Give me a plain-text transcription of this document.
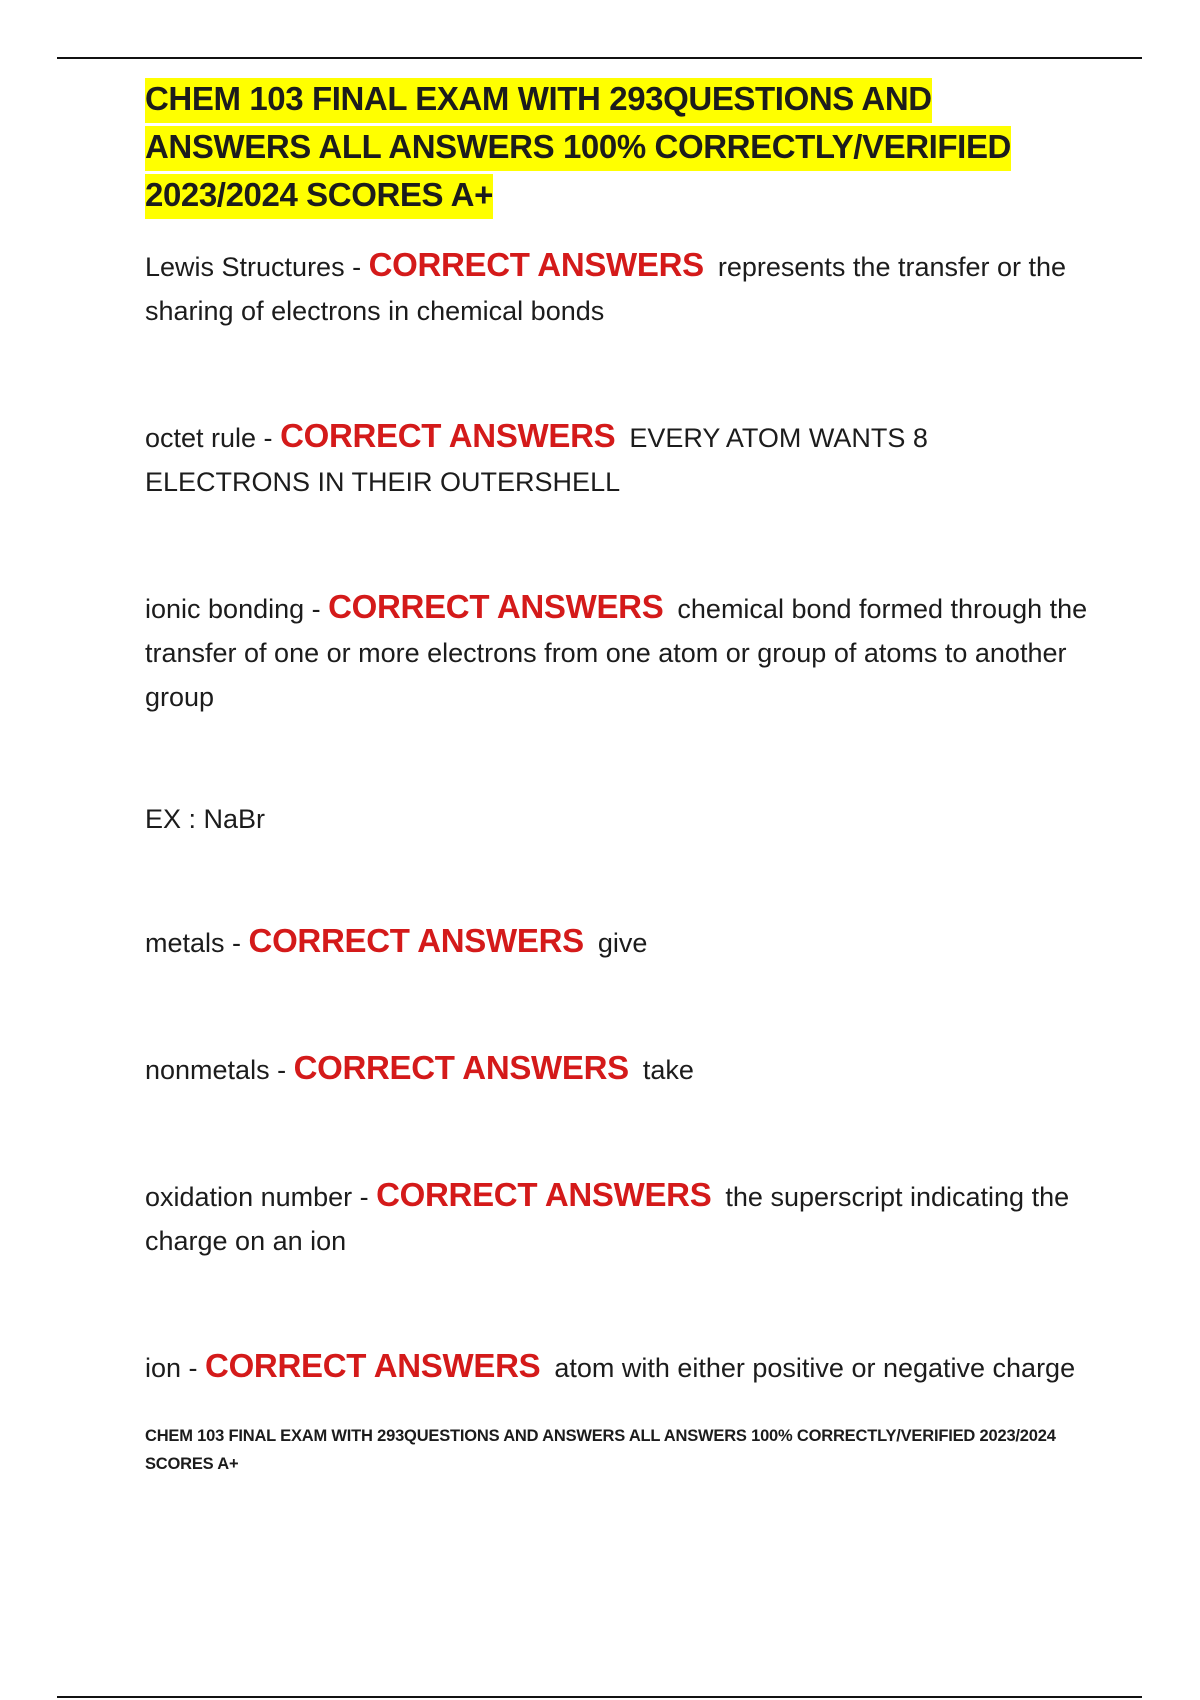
CHEM 103 FINAL EXAM WITH 293QUESTIONS AND ANSWERS ALL ANSWERS 100% CORRECTLY/VERIFIED 2023/2024 SCORES A+

Lewis Structures - CORRECT ANSWERS represents the transfer or the sharing of electrons in chemical bonds

octet rule - CORRECT ANSWERS EVERY ATOM WANTS 8 ELECTRONS IN THEIR OUTERSHELL

ionic bonding - CORRECT ANSWERS chemical bond formed through the transfer of one or more electrons from one atom or group of atoms to another group

EX : NaBr

metals - CORRECT ANSWERS give

nonmetals - CORRECT ANSWERS take

oxidation number - CORRECT ANSWERS the superscript indicating the charge on an ion

ion - CORRECT ANSWERS atom with either positive or negative charge

CHEM 103 FINAL EXAM WITH 293QUESTIONS AND ANSWERS ALL ANSWERS 100% CORRECTLY/VERIFIED 2023/2024 SCORES A+
